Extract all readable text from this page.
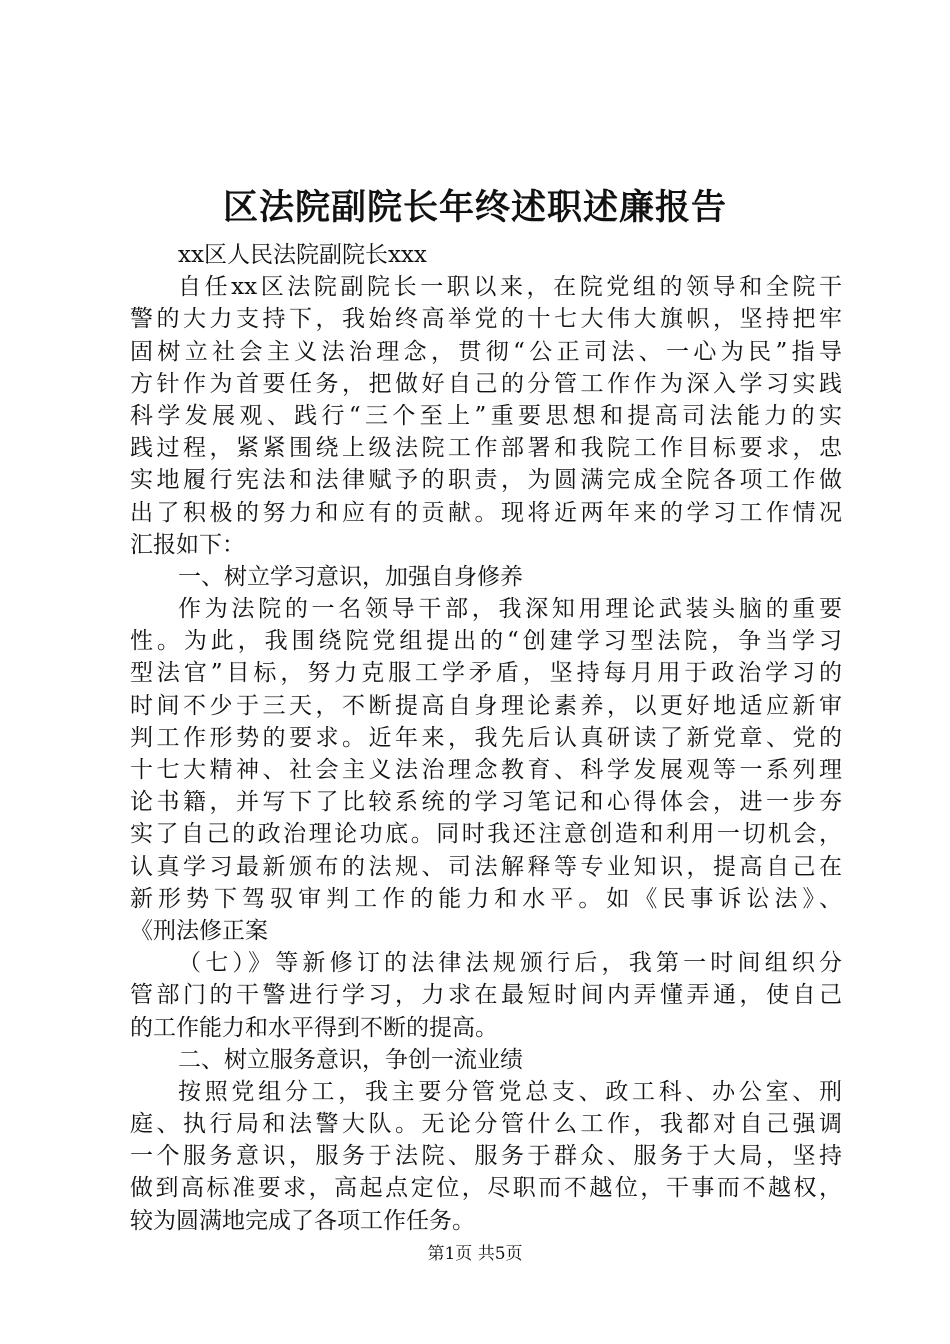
区法院副院长年终述职述廉报告
xx区人民法院副院长xxx
自任xx区法院副院长一职以来，在院党组的领导和全院干
警的大力支持下，我始终高举党的十七大伟大旗帜，坚持把牢
固树立社会主义法治理念，贯彻“公正司法、一心为民”指导
方针作为首要任务，把做好自己的分管工作作为深入学习实践
科学发展观、践行“三个至上”重要思想和提高司法能力的实
践过程，紧紧围绕上级法院工作部署和我院工作目标要求，忠
实地履行宪法和法律赋予的职责，为圆满完成全院各项工作做
出了积极的努力和应有的贡献。现将近两年来的学习工作情况
汇报如下：
一、树立学习意识，加强自身修养
作为法院的一名领导干部，我深知用理论武装头脑的重要
性。为此，我围绕院党组提出的“创建学习型法院，争当学习
型法官”目标，努力克服工学矛盾，坚持每月用于政治学习的
时间不少于三天，不断提高自身理论素养，以更好地适应新审
判工作形势的要求。近年来，我先后认真研读了新党章、党的
十七大精神、社会主义法治理念教育、科学发展观等一系列理
论书籍，并写下了比较系统的学习笔记和心得体会，进一步夯
实了自己的政治理论功底。同时我还注意创造和利用一切机会，
认真学习最新颁布的法规、司法解释等专业知识，提高自己在
新形势下驾驭审判工作的能力和水平。如《民事诉讼法》、
《刑法修正案
（七）》等新修订的法律法规颁行后，我第一时间组织分
管部门的干警进行学习，力求在最短时间内弄懂弄通，使自己
的工作能力和水平得到不断的提高。
二、树立服务意识，争创一流业绩
按照党组分工，我主要分管党总支、政工科、办公室、刑
庭、执行局和法警大队。无论分管什么工作，我都对自己强调
一个服务意识，服务于法院、服务于群众、服务于大局，坚持
做到高标准要求，高起点定位，尽职而不越位，干事而不越权，
较为圆满地完成了各项工作任务。
第1页 共5页
